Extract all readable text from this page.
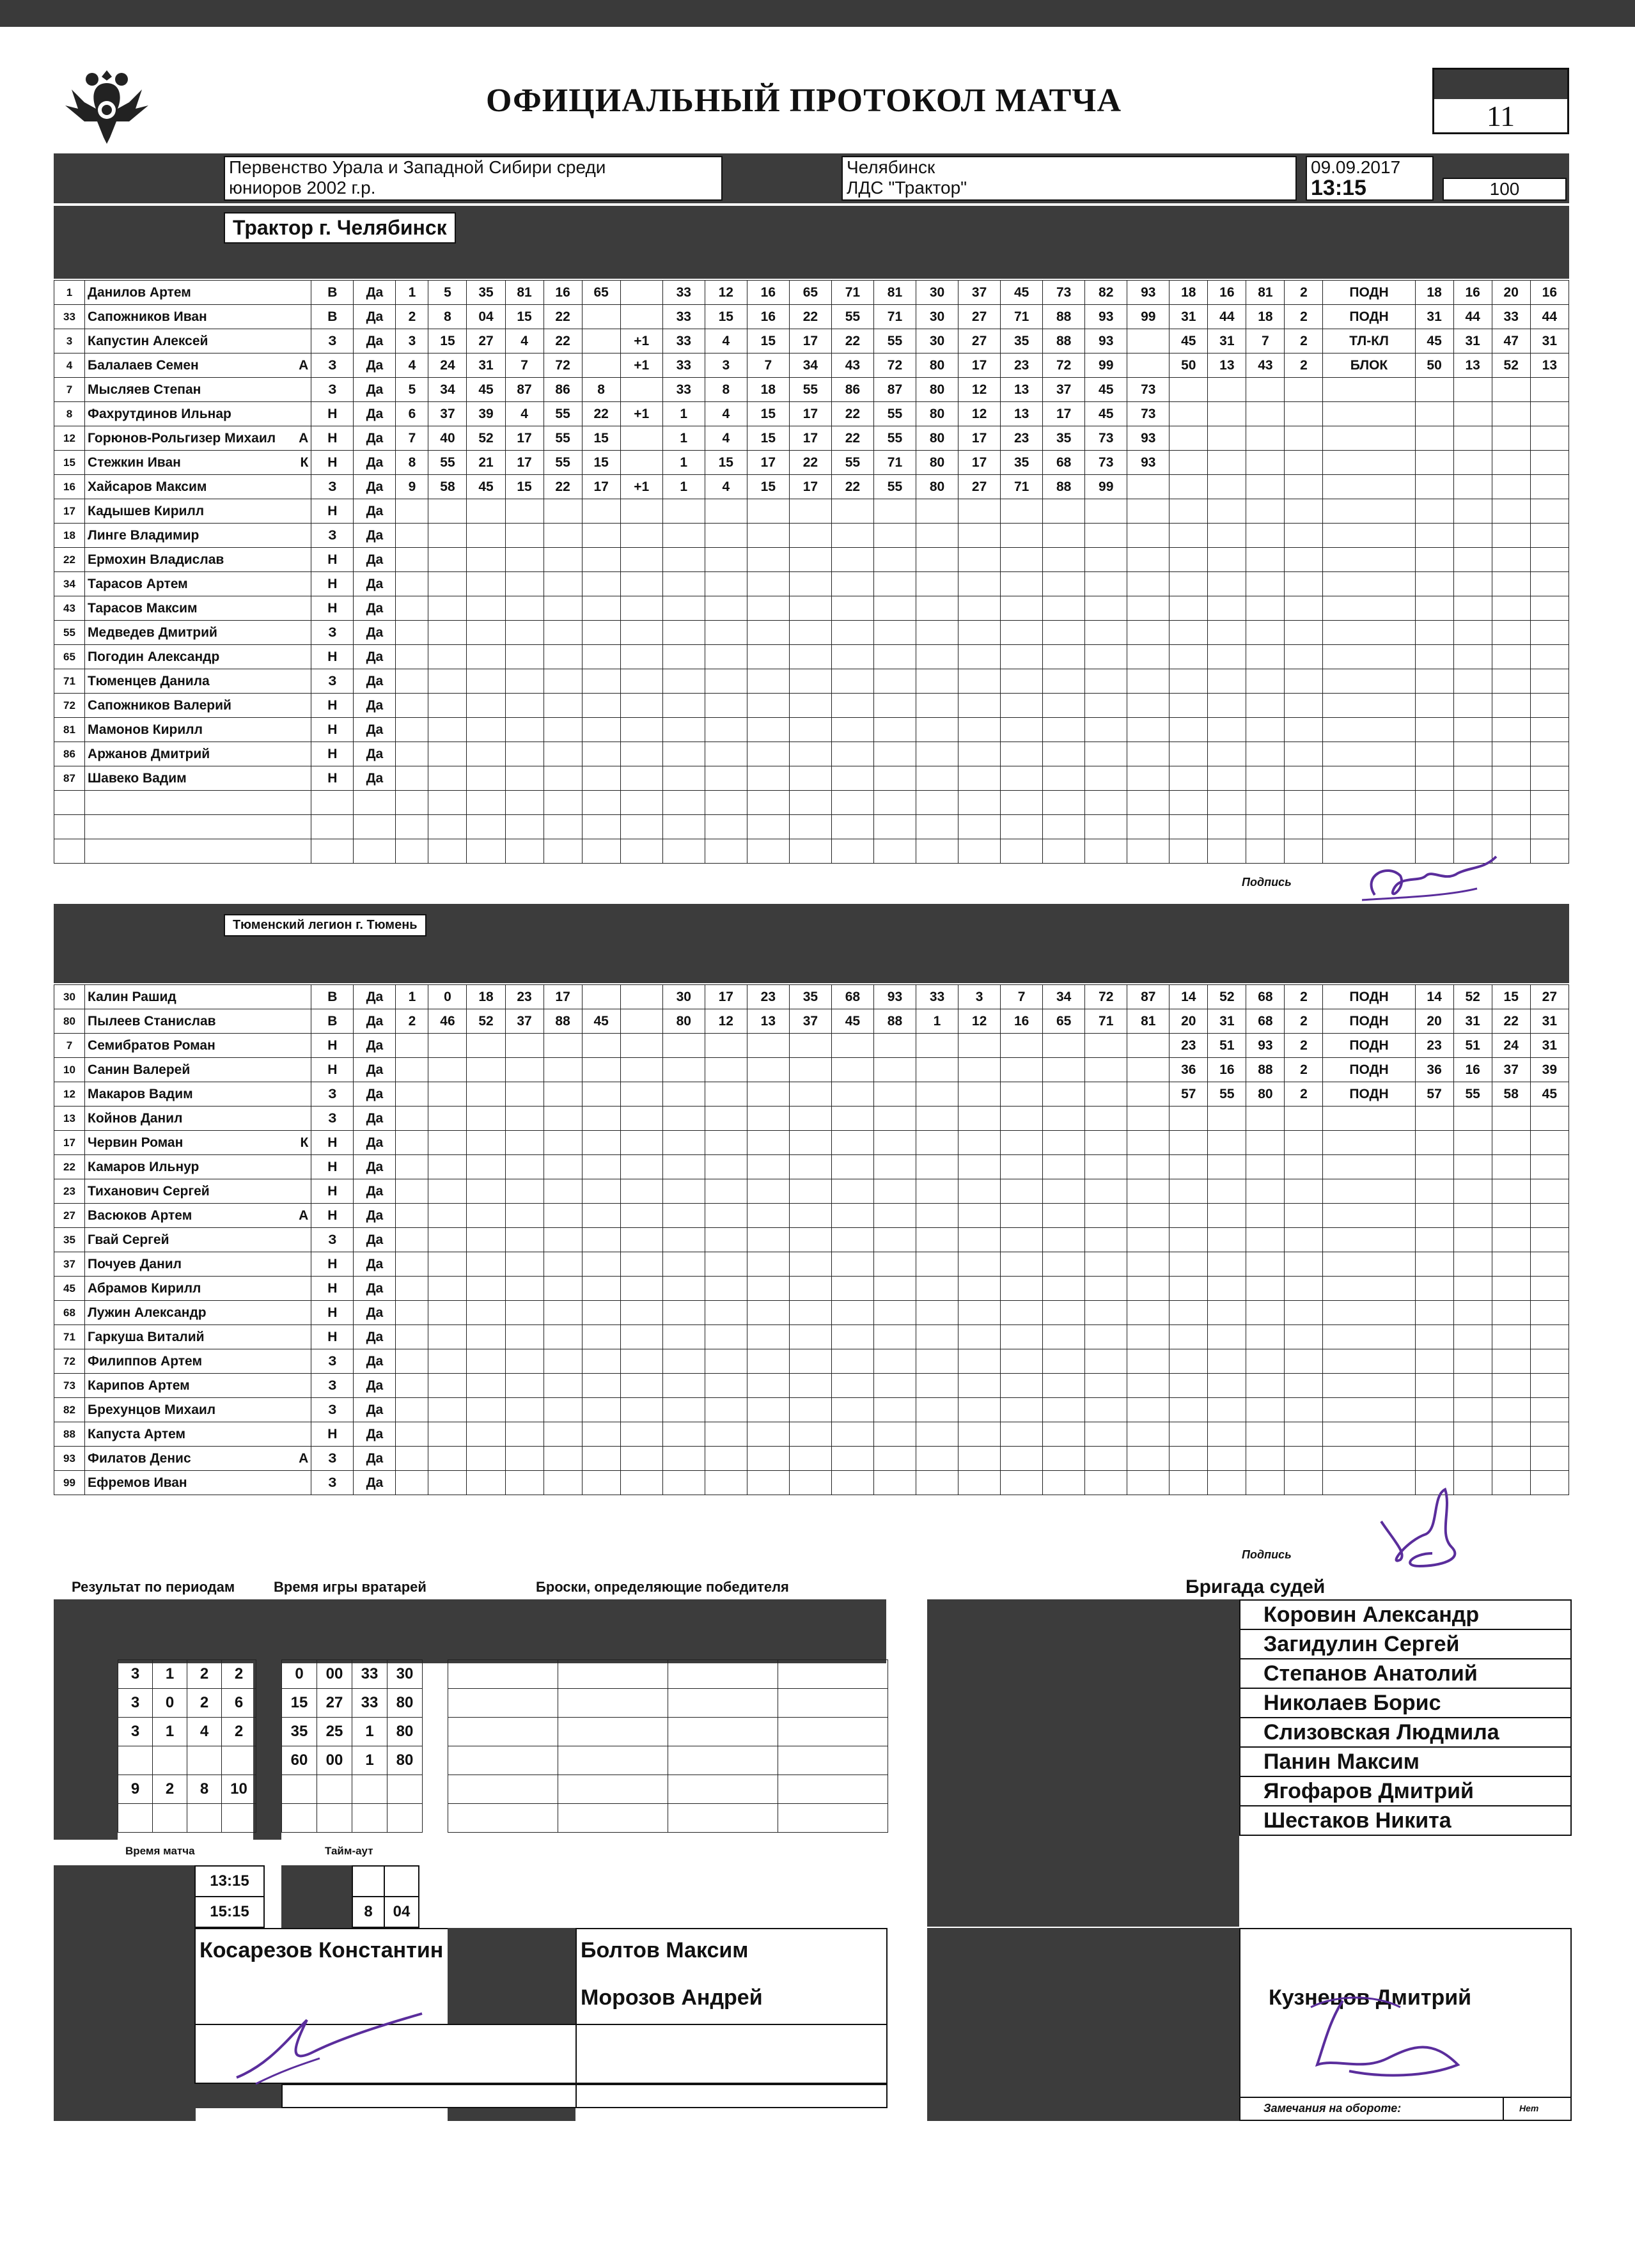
ОФИЦИАЛЬНЫЙ ПРОТОКОЛ МАТЧА	11
Первенство Урала и Западной Сибири среди
юниоров 2002 г.р.
Челябинск
ЛДС "Трактор"
09.09.2017
13:15	100
Трактор г. Челябинск
1	Данилов Артем		В	Да	1	5	35	81	16	65		33	12	16	65	71	81	30	37	45	73	82	93	18	16	81	2	ПОДН	18	16	20	16
33	Сапожников Иван		В	Да	2	8	04	15	22			33	15	16	22	55	71	30	27	71	88	93	99	31	44	18	2	ПОДН	31	44	33	44
3	Капустин Алексей		З	Да	3	15	27	4	22		+1	33	4	15	17	22	55	30	27	35	88	93		45	31	7	2	ТЛ-КЛ	45	31	47	31
4	Балалаев Семен	А	З	Да	4	24	31	7	72		+1	33	3	7	34	43	72	80	17	23	72	99		50	13	43	2	БЛОК	50	13	52	13
7	Мысляев Степан		З	Да	5	34	45	87	86	8		33	8	18	55	86	87	80	12	13	37	45	73									
8	Фахрутдинов Ильнар		Н	Да	6	37	39	4	55	22	+1	1	4	15	17	22	55	80	12	13	17	45	73									
12	Горюнов-Рольгизер Михаил	А	Н	Да	7	40	52	17	55	15		1	4	15	17	22	55	80	17	23	35	73	93									
15	Стежкин Иван	К	Н	Да	8	55	21	17	55	15		1	15	17	22	55	71	80	17	35	68	73	93									
16	Хайсаров Максим		З	Да	9	58	45	15	22	17	+1	1	4	15	17	22	55	80	27	71	88	99										
17	Кадышев Кирилл		Н	Да																												
18	Линге Владимир		З	Да																												
22	Ермохин Владислав		Н	Да																												
34	Тарасов Артем		Н	Да																												
43	Тарасов Максим		Н	Да																												
55	Медведев Дмитрий		З	Да																												
65	Погодин Александр		Н	Да																												
71	Тюменцев Данила		З	Да																												
72	Сапожников Валерий		Н	Да																												
81	Мамонов Кирилл		Н	Да																												
86	Аржанов Дмитрий		Н	Да																												
87	Шавеко Вадим		Н	Да																												

Подпись
Тюменский легион г. Тюмень
30	Калин Рашид		В	Да	1	0	18	23	17			30	17	23	35	68	93	33	3	7	34	72	87	14	52	68	2	ПОДН	14	52	15	27
80	Пылеев Станислав		В	Да	2	46	52	37	88	45		80	12	13	37	45	88	1	12	16	65	71	81	20	31	68	2	ПОДН	20	31	22	31
7	Семибратов Роман		Н	Да																				23	51	93	2	ПОДН	23	51	24	31
10	Санин Валерей		Н	Да																				36	16	88	2	ПОДН	36	16	37	39
12	Макаров Вадим		З	Да																				57	55	80	2	ПОДН	57	55	58	45
13	Койнов Данил		З	Да																												
17	Червин Роман	К	Н	Да																												
22	Камаров Ильнур		Н	Да																												
23	Тиханович Сергей		Н	Да																												
27	Васюков Артем	А	Н	Да																												
35	Гвай Сергей		З	Да																												
37	Почуев Данил		Н	Да																												
45	Абрамов Кирилл		Н	Да																												
68	Лужин Александр		Н	Да																												
71	Гаркуша Виталий		Н	Да																												
72	Филиппов Артем		З	Да																												
73	Карипов Артем		З	Да																												
82	Брехунцов Михаил		З	Да																												
88	Капуста Артем		Н	Да																												
93	Филатов Денис	А	З	Да																												
99	Ефремов Иван		З	Да																												
Подпись
Результат по периодам	Время игры вратарей	Броски, определяющие победителя	Бригада судей
3	1	2	2
3	0	2	6
3	1	4	2

9	2	8	10

0	00	33	30
15	27	33	80
35	25	1	80
60	00	1	80

Коровин Александр
Загидулин Сергей
Степанов Анатолий
Николаев Борис
Слизовская Людмила
Панин Максим
Ягофаров Дмитрий
Шестаков Никита
Время матча	Тайм-аут
13:15
15:15	8	04
Косарезов Константин	Болтов Максим
Морозов Андрей	Кузнецов Дмитрий
Замечания на обороте:	Нет
